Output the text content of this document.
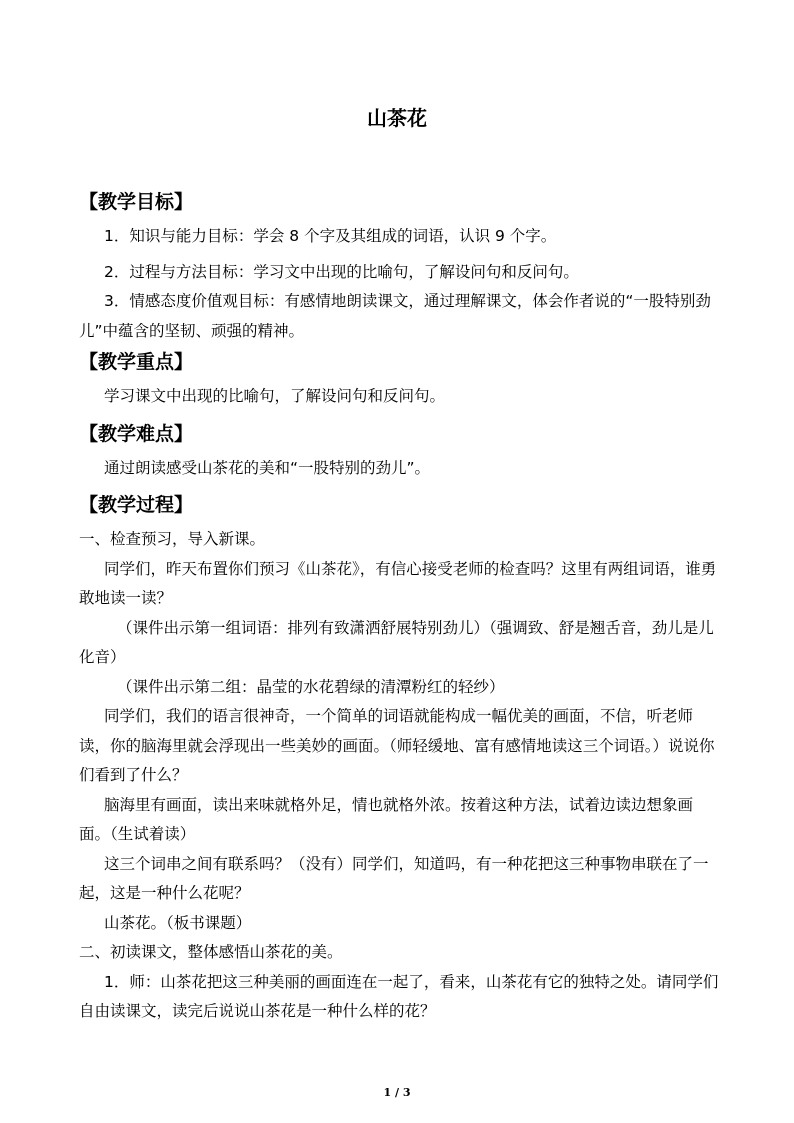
山茶花
【教学目标】

1．知识与能力目标：学会 8 个字及其组成的词语，认识 9 个字。

2．过程与方法目标：学习文中出现的比喻句，了解设问句和反问句。

3．情感态度价值观目标：有感情地朗读课文，通过理解课文，体会作者说的“一股特别劲儿”中蕴含的坚韧、顽强的精神。

【教学重点】

学习课文中出现的比喻句，了解设问句和反问句。

【教学难点】

通过朗读感受山茶花的美和“一股特别的劲儿”。

【教学过程】

一、检查预习，导入新课。

同学们，昨天布置你们预习《山茶花》，有信心接受老师的检查吗？这里有两组词语，谁勇敢地读一读？

（课件出示第一组词语：排列有致潇洒舒展特别劲儿）（强调致、舒是翘舌音，劲儿是儿化音）

（课件出示第二组：晶莹的水花碧绿的清潭粉红的轻纱）

同学们，我们的语言很神奇，一个简单的词语就能构成一幅优美的画面，不信，听老师读，你的脑海里就会浮现出一些美妙的画面。（师轻缓地、富有感情地读这三个词语。）说说你们看到了什么？

脑海里有画面，读出来味就格外足，情也就格外浓。按着这种方法，试着边读边想象画面。（生试着读）

这三个词串之间有联系吗？（没有）同学们，知道吗，有一种花把这三种事物串联在了一起，这是一种什么花呢？

山茶花。（板书课题）

二、初读课文，整体感悟山茶花的美。

1．师：山茶花把这三种美丽的画面连在一起了，看来，山茶花有它的独特之处。请同学们自由读课文，读完后说说山茶花是一种什么样的花？

1 / 3
